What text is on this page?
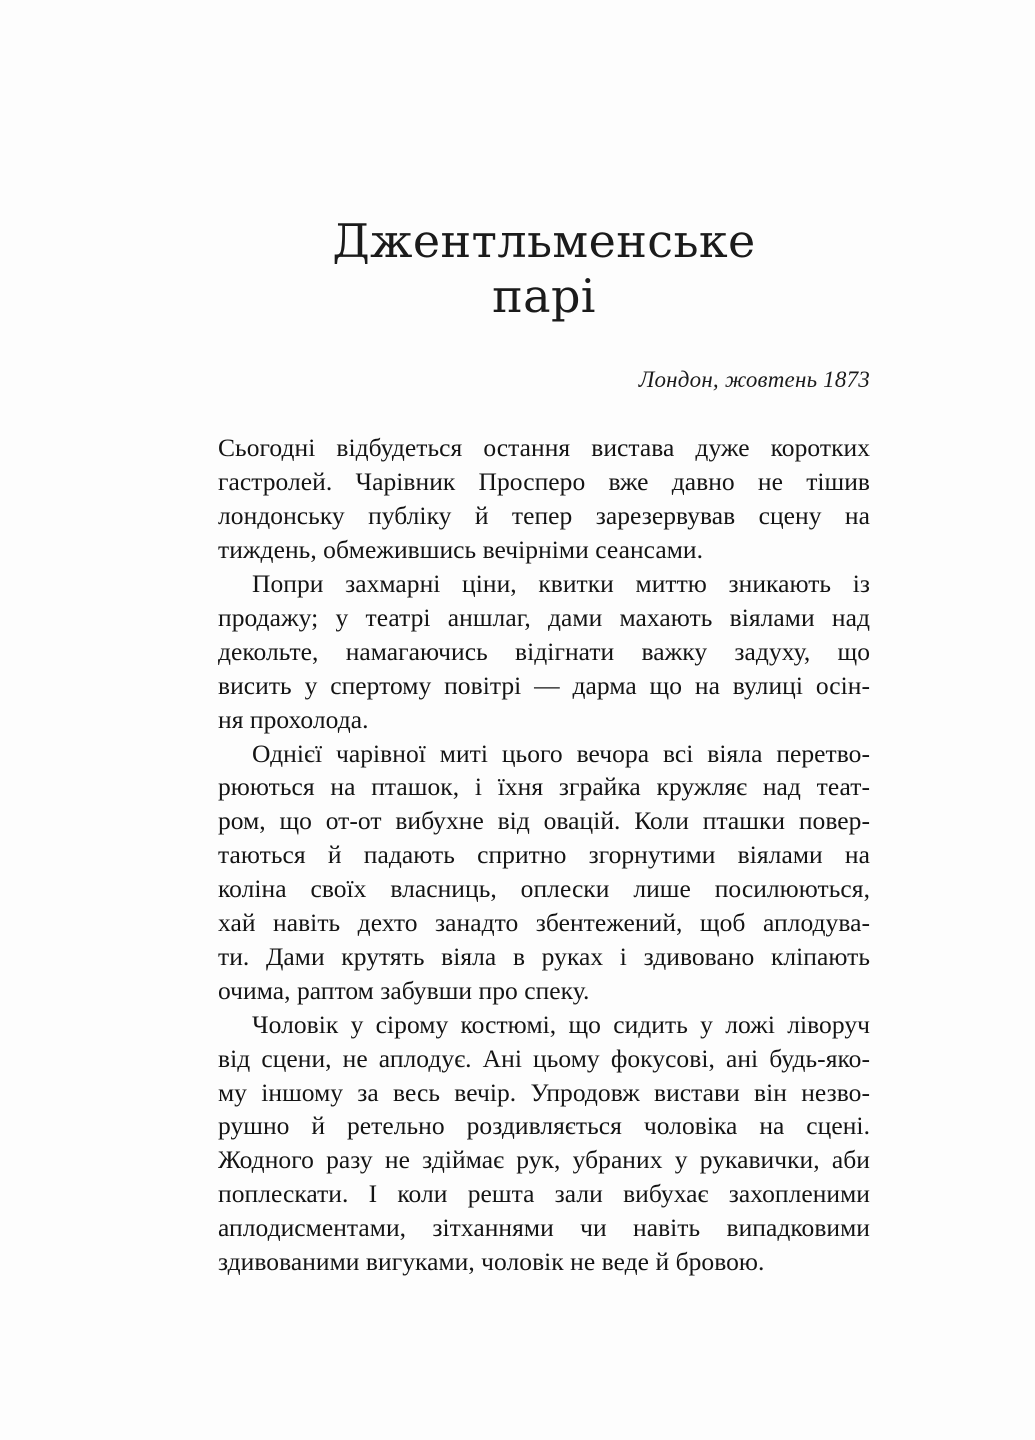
Джентльменське
парі

Лондон, жовтень 1873

Сьогодні відбудеться остання вистава дуже коротких
гастролей. Чарівник Просперо вже давно не тішив
лондонську публіку й тепер зарезервував сцену на
тиждень, обмежившись вечірніми сеансами.

Попри захмарні ціни, квитки миттю зникають із
продажу; у театрі аншлаг, дами махають віялами над
декольте, намагаючись відігнати важку задуху, що
висить у спертому повітрі — дарма що на вулиці осін-
ня прохолода.

Однієї чарівної миті цього вечора всі віяла перетво-
рюються на пташок, і їхня зграйка кружляє над теат-
ром, що от-от вибухне від овацій. Коли пташки повер-
таються й падають спритно згорнутими віялами на
коліна своїх власниць, оплески лише посилюються,
хай навіть дехто занадто збентежений, щоб аплодува-
ти. Дами крутять віяла в руках і здивовано кліпають
очима, раптом забувши про спеку.

Чоловік у сірому костюмі, що сидить у ложі ліворуч
від сцени, не аплодує. Ані цьому фокусові, ані будь-яко-
му іншому за весь вечір. Упродовж вистави він незво-
рушно й ретельно роздивляється чоловіка на сцені.
Жодного разу не здіймає рук, убраних у рукавички, аби
поплескати. І коли решта зали вибухає захопленими
аплодисментами, зітханнями чи навіть випадковими
здивованими вигуками, чоловік не веде й бровою.
